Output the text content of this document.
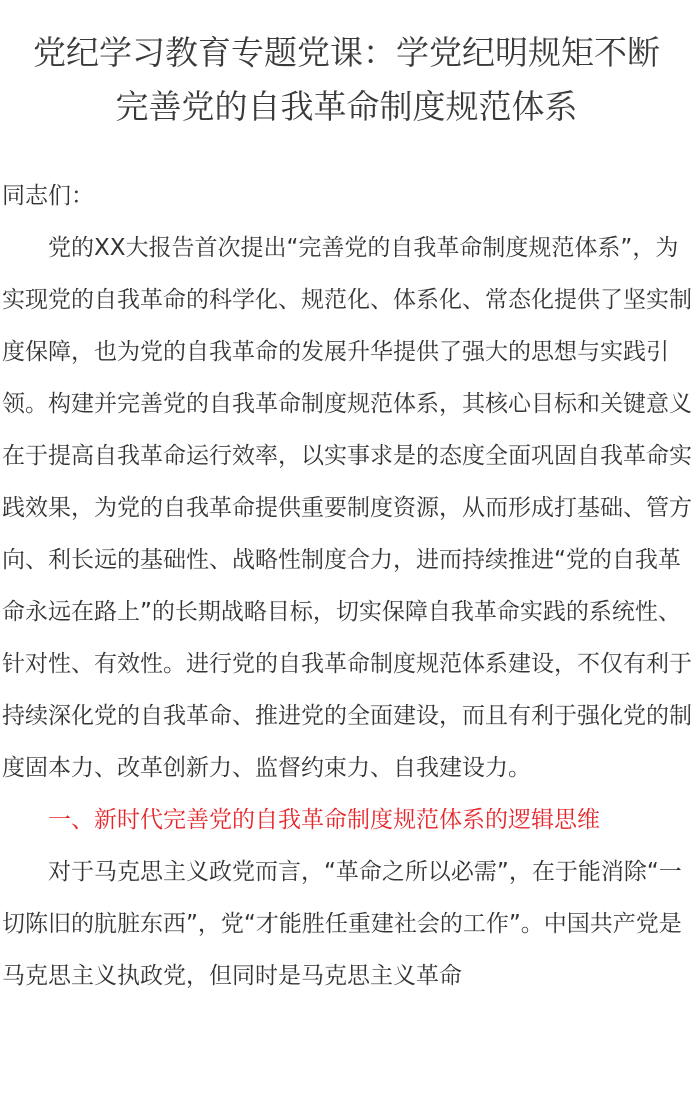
党纪学习教育专题党课：学党纪明规矩不断
完善党的自我革命制度规范体系

同志们：

党的XX大报告首次提出“完善党的自我革命制度规范体系”，为实现党的自我革命的科学化、规范化、体系化、常态化提供了坚实制度保障，也为党的自我革命的发展升华提供了强大的思想与实践引领。构建并完善党的自我革命制度规范体系，其核心目标和关键意义在于提高自我革命运行效率，以实事求是的态度全面巩固自我革命实践效果，为党的自我革命提供重要制度资源，从而形成打基础、管方向、利长远的基础性、战略性制度合力，进而持续推进“党的自我革命永远在路上”的长期战略目标，切实保障自我革命实践的系统性、针对性、有效性。进行党的自我革命制度规范体系建设，不仅有利于持续深化党的自我革命、推进党的全面建设，而且有利于强化党的制度固本力、改革创新力、监督约束力、自我建设力。

一、新时代完善党的自我革命制度规范体系的逻辑思维

对于马克思主义政党而言，“革命之所以必需”，在于能消除“一切陈旧的肮脏东西”，党“才能胜任重建社会的工作”。中国共产党是马克思主义执政党，但同时是马克思主义革命
